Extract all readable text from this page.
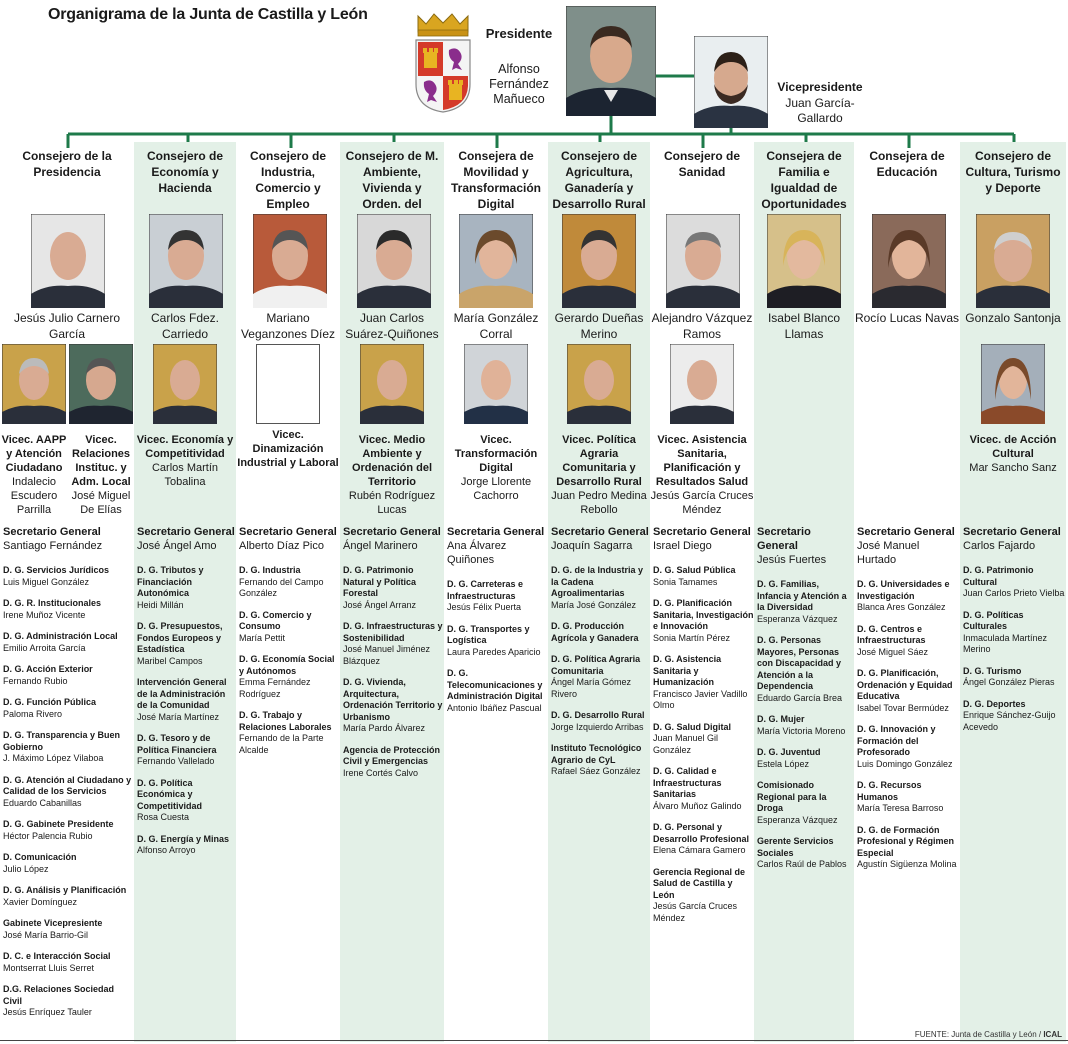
Organigrama de la Junta de Castilla y León
Presidente
Alfonso Fernández Mañueco
Vicepresidente
Juan García-Gallardo
Consejero de la Presidencia
Jesús Julio Carnero García
Vicec. AAPP y Atención Ciudadano
Indalecio Escudero Parrilla
Vicec. Relaciones Instituc. y Adm. Local
José Miguel De Elías
Secretario General
Santiago Fernández
D. G. Servicios Jurídicos
Luis Miguel González
D. G. R. Institucionales
Irene Muñoz Vicente
D. G. Administración Local
Emilio Arroita García
D. G. Acción Exterior
Fernando Rubio
D. G. Función Pública
Paloma Rivero
D. G. Transparencia y Buen Gobierno
J. Máximo López Vilaboa
D. G. Atención al Ciudadano y Calidad de los Servicios
Eduardo Cabanillas
D. G. Gabinete Presidente
Héctor Palencia Rubio
D. Comunicación
Julio López
D. G. Análisis y Planificación
Xavier Domínguez
Gabinete Vicepresiente
José María Barrio-Gil
D. C. e Interacción Social
Montserrat Lluis Serret
D.G. Relaciones Sociedad Civil
Jesús Enríquez Tauler
Consejero de Economía y Hacienda
Carlos Fdez. Carriedo
Vicec. Economía y Competitividad
Carlos Martín Tobalina
Secretario General
José Ángel Amo
D. G. Tributos y Financiación Autonómica
Heidi Millán
D. G. Presupuestos, Fondos Europeos y Estadística
Maribel Campos
Intervención General de la Administración de la Comunidad
José María Martínez
D. G. Tesoro y de Política Financiera
Fernando Vallelado
D. G. Política Económica y Competitividad
Rosa Cuesta
D. G. Energía y Minas
Alfonso Arroyo
Consejero de Industria, Comercio y Empleo
Mariano Veganzones Díez
Vicec. Dinamización Industrial y Laboral
Secretario General
Alberto Díaz Pico
D. G. Industria
Fernando del Campo González
D. G. Comercio y Consumo
María Pettit
D. G. Economía Social y Autónomos
Emma Fernández Rodríguez
D. G. Trabajo y Relaciones Laborales
Fernando de la Parte Alcalde
Consejero de M. Ambiente, Vivienda y Orden. del
Juan Carlos Suárez-Quiñones
Vicec. Medio Ambiente y Ordenación del Territorio
Rubén Rodríguez Lucas
Secretario General
Ángel Marinero
D. G. Patrimonio Natural y Política Forestal
José Ángel Arranz
D. G. Infraestructuras y Sostenibilidad
José Manuel Jiménez Blázquez
D. G. Vivienda, Arquitectura, Ordenación Territorio y Urbanismo
María Pardo Álvarez
Agencia de Protección Civil y Emergencias
Irene Cortés Calvo
Consejera de Movilidad y Transformación Digital
María González Corral
Vicec. Transformación Digital
Jorge Llorente Cachorro
Secretaria General
Ana Álvarez Quiñones
D. G. Carreteras e Infraestructuras
Jesús Félix Puerta
D. G. Transportes y Logística
Laura Paredes Aparicio
D. G. Telecomunicaciones y Administración Digital
Antonio Ibáñez Pascual
Consejero de Agricultura, Ganadería y Desarrollo Rural
Gerardo Dueñas Merino
Vicec. Política Agraria Comunitaria y Desarrollo Rural
Juan Pedro Medina Rebollo
Secretario General
Joaquín Sagarra
D. G. de la Industria y la Cadena Agroalimentarias
María José González
D. G. Producción Agrícola y Ganadera
D. G. Política Agraria Comunitaria
Ángel María Gómez Rivero
D. G. Desarrollo Rural
Jorge Izquierdo Arribas
Instituto Tecnológico Agrario de CyL
Rafael Sáez González
Consejero de Sanidad
Alejandro Vázquez Ramos
Vicec. Asistencia Sanitaria, Planificación y Resultados Salud
Jesús García Cruces Méndez
Secretario General
Israel Diego
D. G. Salud Pública
Sonia Tamames
D. G. Planificación Sanitaria, Investigación e Innovación
Sonia Martín Pérez
D. G. Asistencia Sanitaria y Humanización
Francisco Javier Vadillo Olmo
D. G. Salud Digital
Juan Manuel Gil González
D. G. Calidad e Infraestructuras Sanitarias
Álvaro Muñoz Galindo
D. G. Personal y Desarrollo Profesional
Elena Cámara Gamero
Gerencia Regional de Salud de Castilla y León
Jesús García Cruces Méndez
Consejera de Familia e Igualdad de Oportunidades
Isabel Blanco Llamas
Secretario General
Jesús Fuertes
D. G. Familias, Infancia y Atención a la Diversidad
Esperanza Vázquez
D. G. Personas Mayores, Personas con Discapacidad y Atención a la Dependencia
Eduardo García Brea
D. G. Mujer
María Victoria Moreno
D. G. Juventud
Estela López
Comisionado Regional para la Droga
Esperanza Vázquez
Gerente Servicios Sociales
Carlos Raúl de Pablos
Consejera de Educación
Rocío Lucas Navas
Secretario General
José Manuel Hurtado
D. G. Universidades e Investigación
Blanca Ares González
D. G. Centros e Infraestructuras
José Miguel Sáez
D. G. Planificación, Ordenación y Equidad Educativa
Isabel Tovar Bermúdez
D. G. Innovación y Formación del Profesorado
Luis Domingo González
D. G. Recursos Humanos
María Teresa Barroso
D. G. de Formación Profesional y Régimen Especial
Agustín Sigüenza Molina
Consejero de Cultura, Turismo y Deporte
Gonzalo Santonja
Vicec. de Acción Cultural
Mar Sancho Sanz
Secretario General
Carlos Fajardo
D. G. Patrimonio Cultural
Juan Carlos Prieto Vielba
D. G. Políticas Culturales
Inmaculada Martínez Merino
D. G. Turismo
Ángel González Pieras
D. G. Deportes
Enrique Sánchez-Guijo Acevedo
FUENTE: Junta de Castilla y León / ICAL
